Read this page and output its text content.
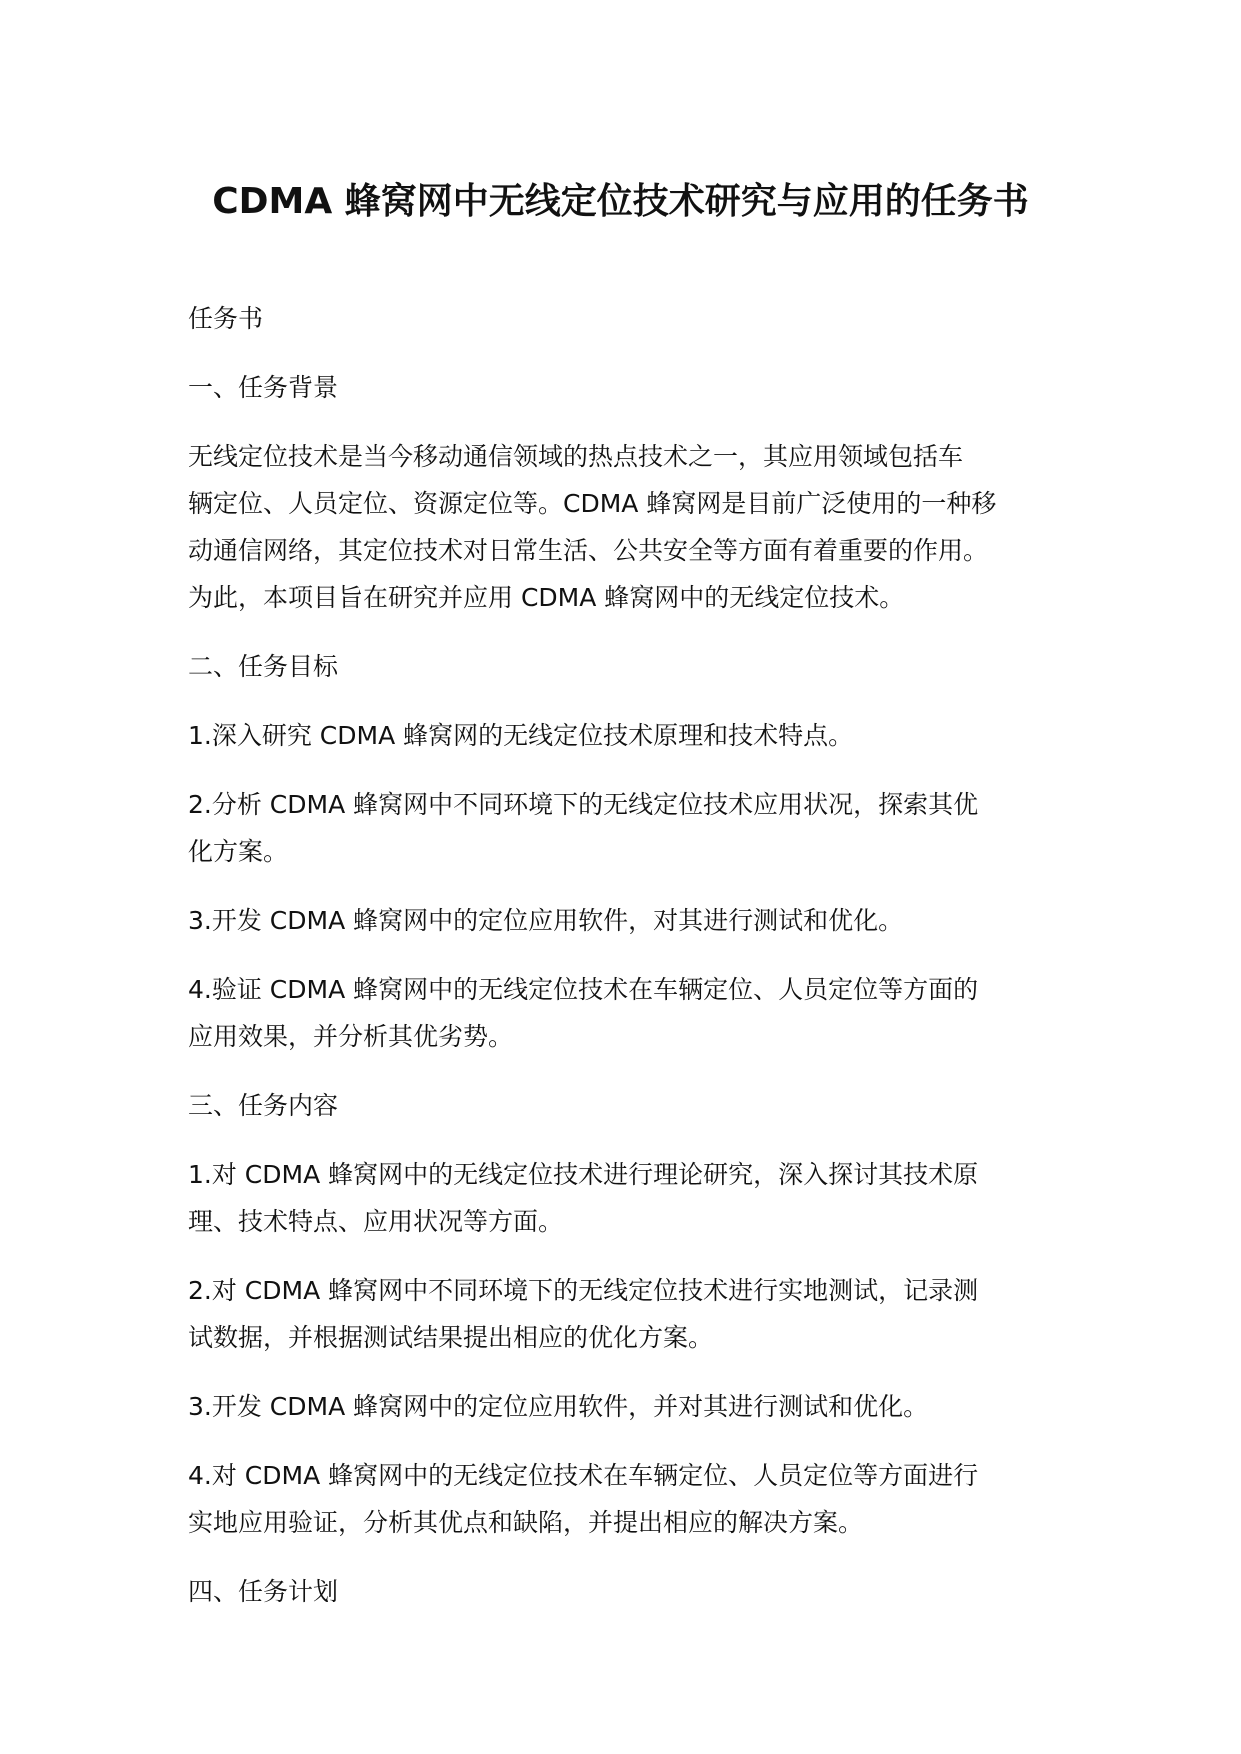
CDMA 蜂窝网中无线定位技术研究与应用的任务书

任务书

一、任务背景

无线定位技术是当今移动通信领域的热点技术之一，其应用领域包括车
辆定位、人员定位、资源定位等。CDMA 蜂窝网是目前广泛使用的一种移
动通信网络，其定位技术对日常生活、公共安全等方面有着重要的作用。
为此，本项目旨在研究并应用 CDMA 蜂窝网中的无线定位技术。

二、任务目标

1.深入研究 CDMA 蜂窝网的无线定位技术原理和技术特点。

2.分析 CDMA 蜂窝网中不同环境下的无线定位技术应用状况，探索其优
化方案。

3.开发 CDMA 蜂窝网中的定位应用软件，对其进行测试和优化。

4.验证 CDMA 蜂窝网中的无线定位技术在车辆定位、人员定位等方面的
应用效果，并分析其优劣势。

三、任务内容

1.对 CDMA 蜂窝网中的无线定位技术进行理论研究，深入探讨其技术原
理、技术特点、应用状况等方面。

2.对 CDMA 蜂窝网中不同环境下的无线定位技术进行实地测试，记录测
试数据，并根据测试结果提出相应的优化方案。

3.开发 CDMA 蜂窝网中的定位应用软件，并对其进行测试和优化。

4.对 CDMA 蜂窝网中的无线定位技术在车辆定位、人员定位等方面进行
实地应用验证，分析其优点和缺陷，并提出相应的解决方案。

四、任务计划
